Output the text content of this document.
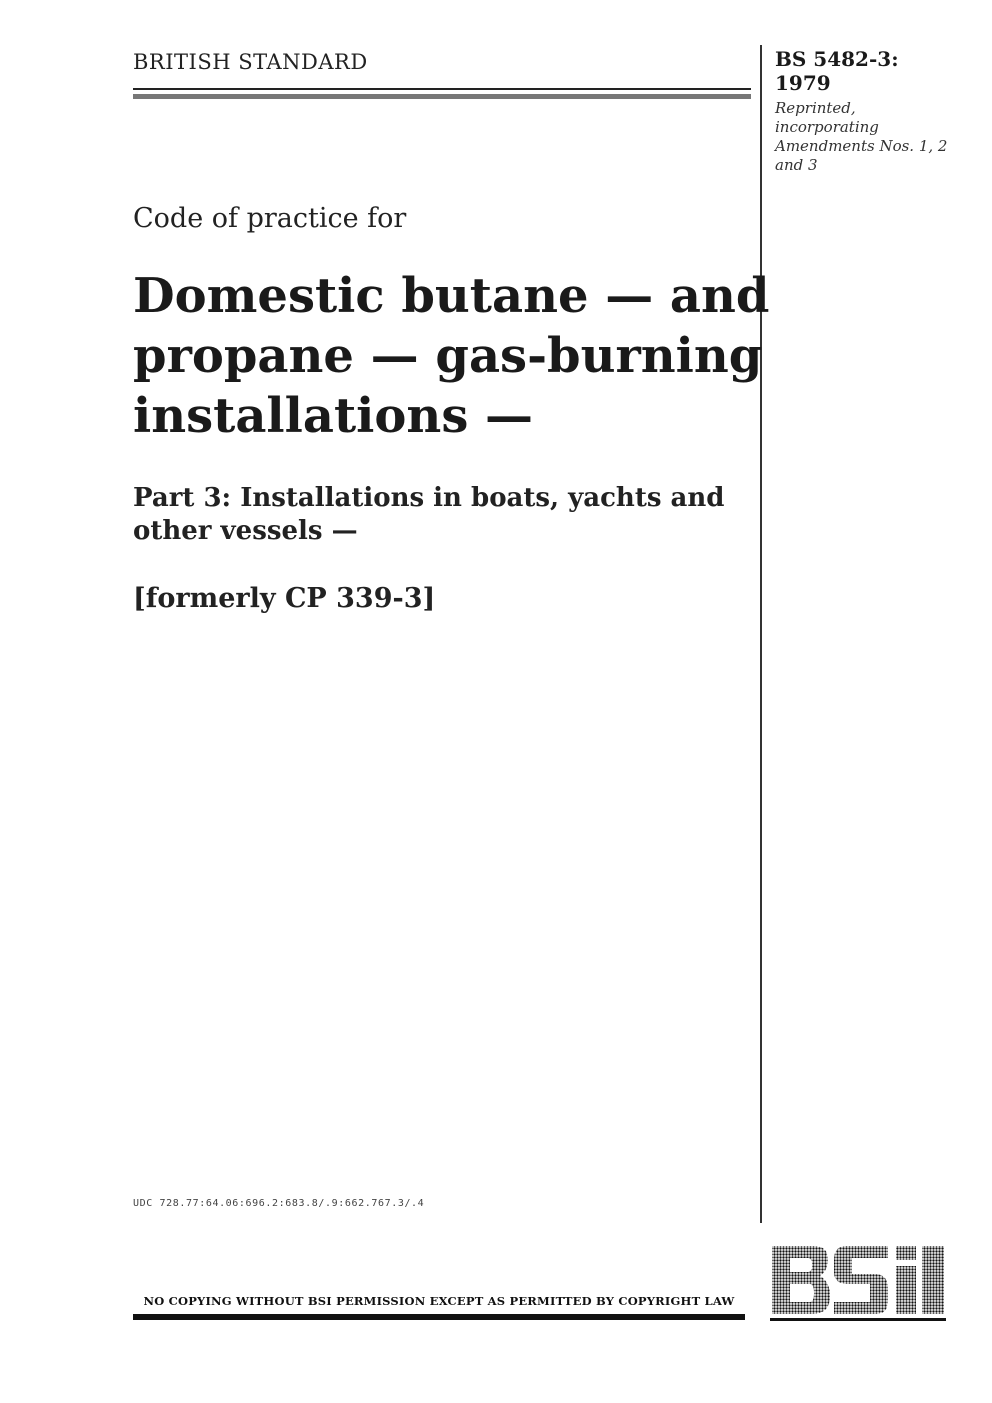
BRITISH STANDARD	BS 5482-3:
1979
Reprinted, incorporating Amendments Nos. 1, 2 and 3
Code of practice for
Domestic butane — and propane — gas-burning installations —
Part 3: Installations in boats, yachts and other vessels —
[formerly CP 339-3]
UDC 728.77:64.06:696.2:683.8/.9:662.767.3/.4
NO COPYING WITHOUT BSI PERMISSION EXCEPT AS PERMITTED BY COPYRIGHT LAW
BSI
